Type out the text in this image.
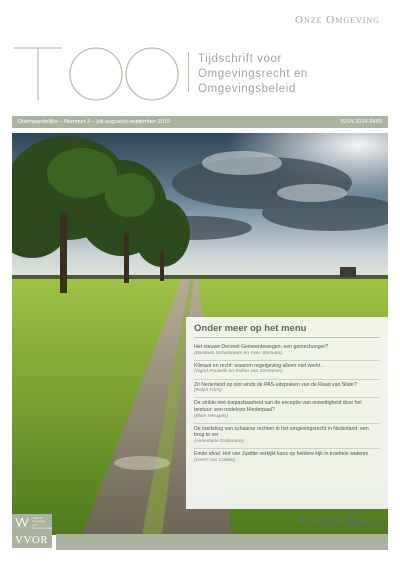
Onze Omgeving
Tijdschrift voor
Omgevingsrecht en
Omgevingsbeleid
Driemaandelijks – Nummer 3 – juli-augustus-september 2019	ISSN 2034-8460
Onder meer op het menu
Het nieuwe Decreet Gemeentewegen: een gemechonger?
(Bastiaan Schelstraete en Yves Stemans)
Klimaat en recht: waarom regelgeving alleen niet werkt…
(Sigrid Pouwels en Esther van Zimmeren)
Zit Nederland op slot sinds de PAS-uitspraken van de Raad van State?
(Ralph Frins)
De strikte niet-toepasbaarheid van de exceptie van onwettigheid door het bestuur: een nodeloze Hinderpaal?
(Elien Verugels)
De toedeling van schaarse rechten in het omgevingsrecht in Nederland: een brug te ver
(Annemarie Drahmann)
Einde afval: Hof van Justitie verkijkt kans op heldere kijk in troebele wateren
(Geert Van Calster)
Vlaamse Vereniging voor Omgevingsrecht
VVOR
Vanden Broele
